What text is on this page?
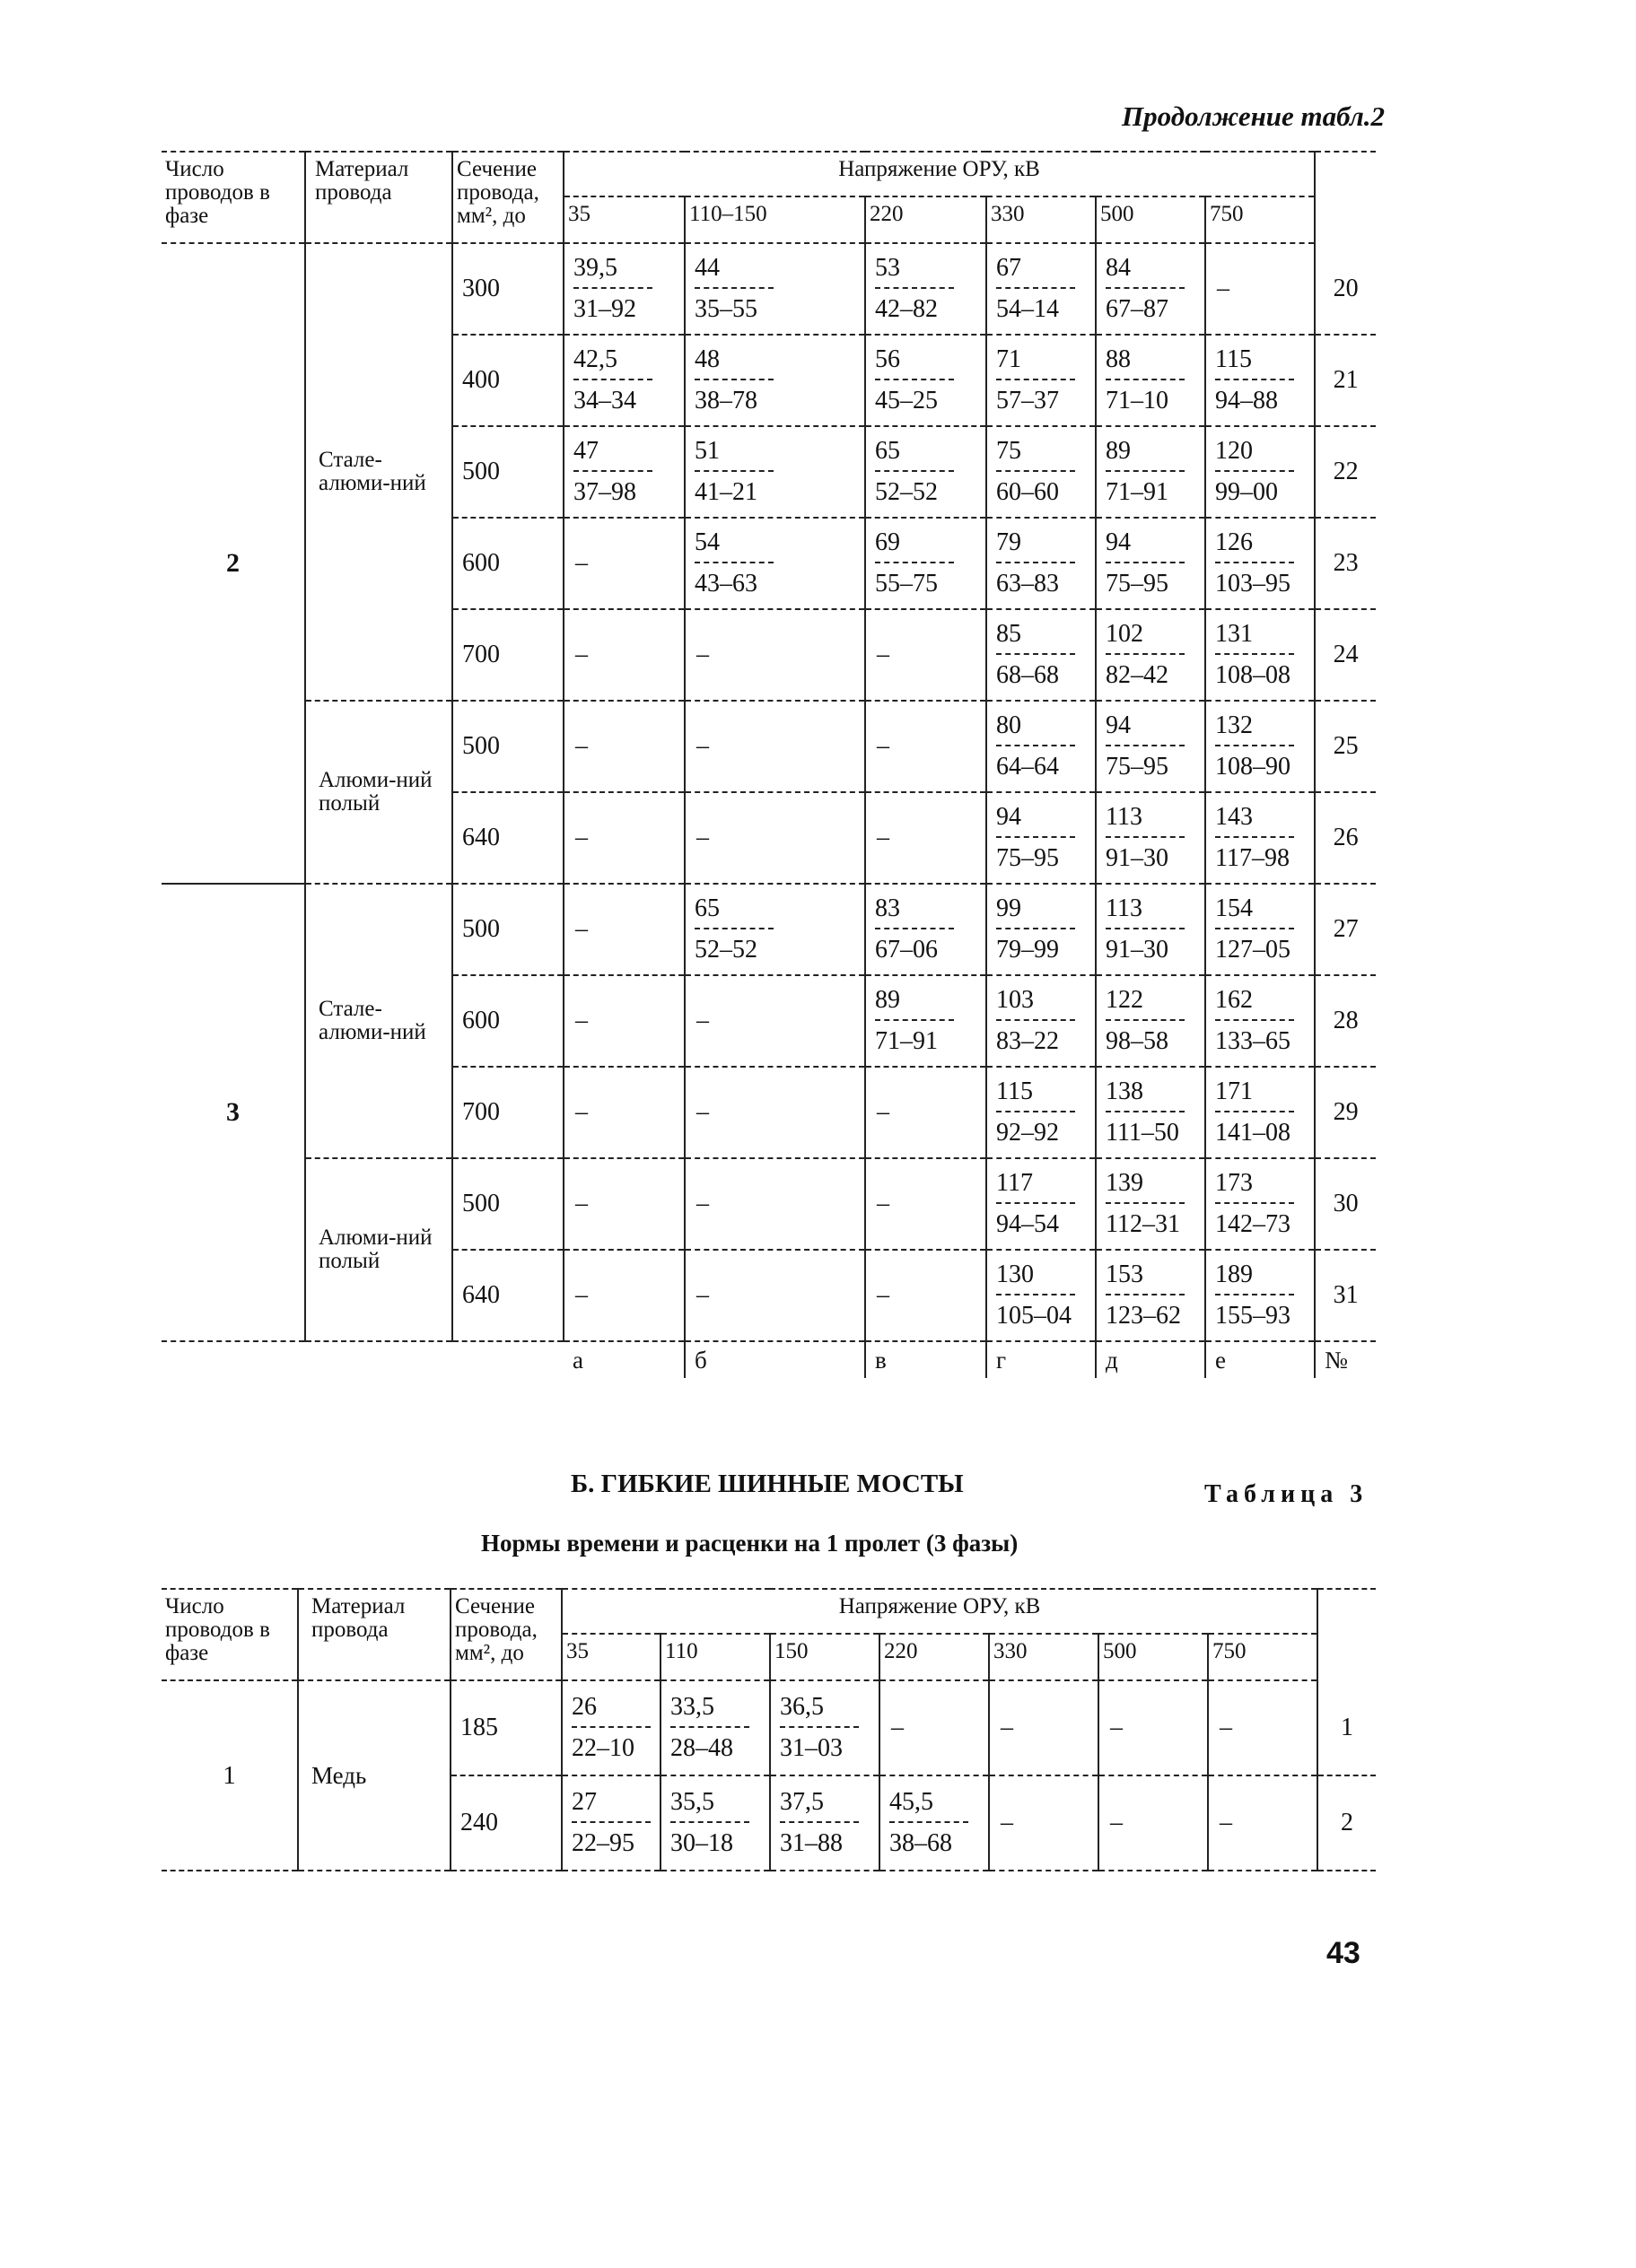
Продолжение табл.2
Число проводов в фазе	Материал провода	Сечение провода, мм², до	Напряжение ОРУ, кВ						
			35	110–150	220	330	500	750	
2	Стале-алюми-ний	300	$\frac{39,5}{31-92}$	$\frac{44}{35-55}$	$\frac{53}{42-82}$	$\frac{67}{54-14}$	$\frac{84}{67-87}$	–	20
		400	$\frac{42,5}{34-34}$	$\frac{48}{38-78}$	$\frac{56}{45-25}$	$\frac{71}{57-37}$	$\frac{88}{71-10}$	$\frac{115}{94-88}$	21
		500	$\frac{47}{37-98}$	$\frac{51}{41-21}$	$\frac{65}{52-52}$	$\frac{75}{60-60}$	$\frac{89}{71-91}$	$\frac{120}{99-00}$	22
		600	–	$\frac{54}{43-63}$	$\frac{69}{55-75}$	$\frac{79}{63-83}$	$\frac{94}{75-95}$	$\frac{126}{103-95}$	23
		700	–	–	–	$\frac{85}{68-68}$	$\frac{102}{82-42}$	$\frac{131}{108-08}$	24
	Алюми-ний полый	500	–	–	–	$\frac{80}{64-64}$	$\frac{94}{75-95}$	$\frac{132}{108-90}$	25
		640	–	–	–	$\frac{94}{75-95}$	$\frac{113}{91-30}$	$\frac{143}{117-98}$	26
3	Стале-алюми-ний	500	–	$\frac{65}{52-52}$	$\frac{83}{67-06}$	$\frac{99}{79-99}$	$\frac{113}{91-30}$	$\frac{154}{127-05}$	27
		600	–	–	$\frac{89}{71-91}$	$\frac{103}{83-22}$	$\frac{122}{98-58}$	$\frac{162}{133-65}$	28
		700	–	–	–	$\frac{115}{92-92}$	$\frac{138}{111-50}$	$\frac{171}{141-08}$	29
	Алюми-ний полый	500	–	–	–	$\frac{117}{94-54}$	$\frac{139}{112-31}$	$\frac{173}{142-73}$	30
		640	–	–	–	$\frac{130}{105-04}$	$\frac{153}{123-62}$	$\frac{189}{155-93}$	31
			а	б	в	г	д	е	№
Б. ГИБКИЕ ШИННЫЕ МОСТЫ	Таблица 3
Нормы времени и расценки на 1 пролет (3 фазы)
Число проводов в фазе	Материал провода	Сечение провода, мм², до	Напряжение ОРУ, кВ							
			35	110	150	220	330	500	750	
1	Медь	185	$\frac{26}{22-10}$	$\frac{33,5}{28-48}$	$\frac{36,5}{31-03}$	–	–	–	–	1
		240	$\frac{27}{22-95}$	$\frac{35,5}{30-18}$	$\frac{37,5}{31-88}$	$\frac{45,5}{38-68}$	–	–	–	2
43
